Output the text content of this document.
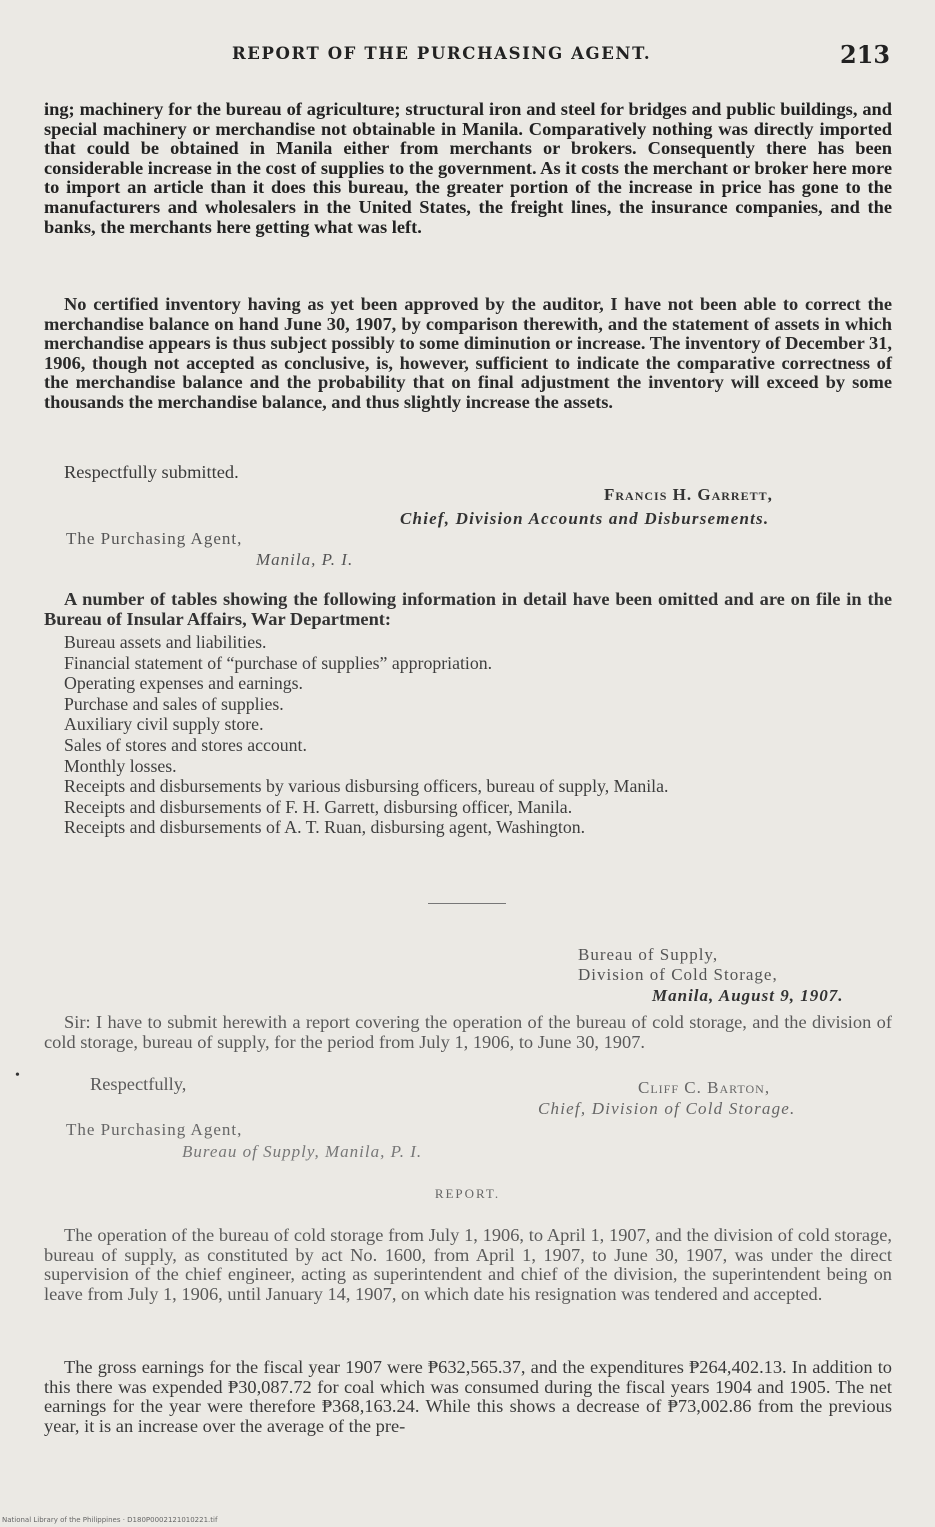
REPORT OF THE PURCHASING AGENT.	213

ing; machinery for the bureau of agriculture; structural iron and steel for bridges and public buildings, and special machinery or merchandise not obtainable in Manila. Comparatively nothing was directly imported that could be obtained in Manila either from merchants or brokers. Consequently there has been considerable increase in the cost of supplies to the government. As it costs the merchant or broker here more to import an article than it does this bureau, the greater portion of the increase in price has gone to the manufacturers and wholesalers in the United States, the freight lines, the insurance companies, and the banks, the merchants here getting what was left.

No certified inventory having as yet been approved by the auditor, I have not been able to correct the merchandise balance on hand June 30, 1907, by comparison therewith, and the statement of assets in which merchandise appears is thus subject possibly to some diminution or increase. The inventory of December 31, 1906, though not accepted as conclusive, is, however, sufficient to indicate the comparative correctness of the merchandise balance and the probability that on final adjustment the inventory will exceed by some thousands the merchandise balance, and thus slightly increase the assets.

Respectfully submitted.

Francis H. Garrett,
Chief, Division Accounts and Disbursements.
The Purchasing Agent,
Manila, P. I.

A number of tables showing the following information in detail have been omitted and are on file in the Bureau of Insular Affairs, War Department:

Bureau assets and liabilities.

Financial statement of “purchase of supplies” appropriation.

Operating expenses and earnings.

Purchase and sales of supplies.

Auxiliary civil supply store.

Sales of stores and stores account.

Monthly losses.

Receipts and disbursements by various disbursing officers, bureau of supply, Manila.

Receipts and disbursements of F. H. Garrett, disbursing officer, Manila.

Receipts and disbursements of A. T. Ruan, disbursing agent, Washington.

Bureau of Supply,
Division of Cold Storage,
Manila, August 9, 1907.

Sir: I have to submit herewith a report covering the operation of the bureau of cold storage, and the division of cold storage, bureau of supply, for the period from July 1, 1906, to June 30, 1907.

•	Respectfully,	Cliff C. Barton,
Chief, Division of Cold Storage.
The Purchasing Agent,
Bureau of Supply, Manila, P. I.
REPORT.

The operation of the bureau of cold storage from July 1, 1906, to April 1, 1907, and the division of cold storage, bureau of supply, as constituted by act No. 1600, from April 1, 1907, to June 30, 1907, was under the direct supervision of the chief engineer, acting as superintendent and chief of the division, the superintendent being on leave from July 1, 1906, until January 14, 1907, on which date his resignation was tendered and accepted.

The gross earnings for the fiscal year 1907 were ₱632,565.37, and the expenditures ₱264,402.13. In addition to this there was expended ₱30,087.72 for coal which was consumed during the fiscal years 1904 and 1905. The net earnings for the year were therefore ₱368,163.24. While this shows a decrease of ₱73,002.86 from the previous year, it is an increase over the average of the pre-

National Library of the Philippines · D180P0002121010221.tif
